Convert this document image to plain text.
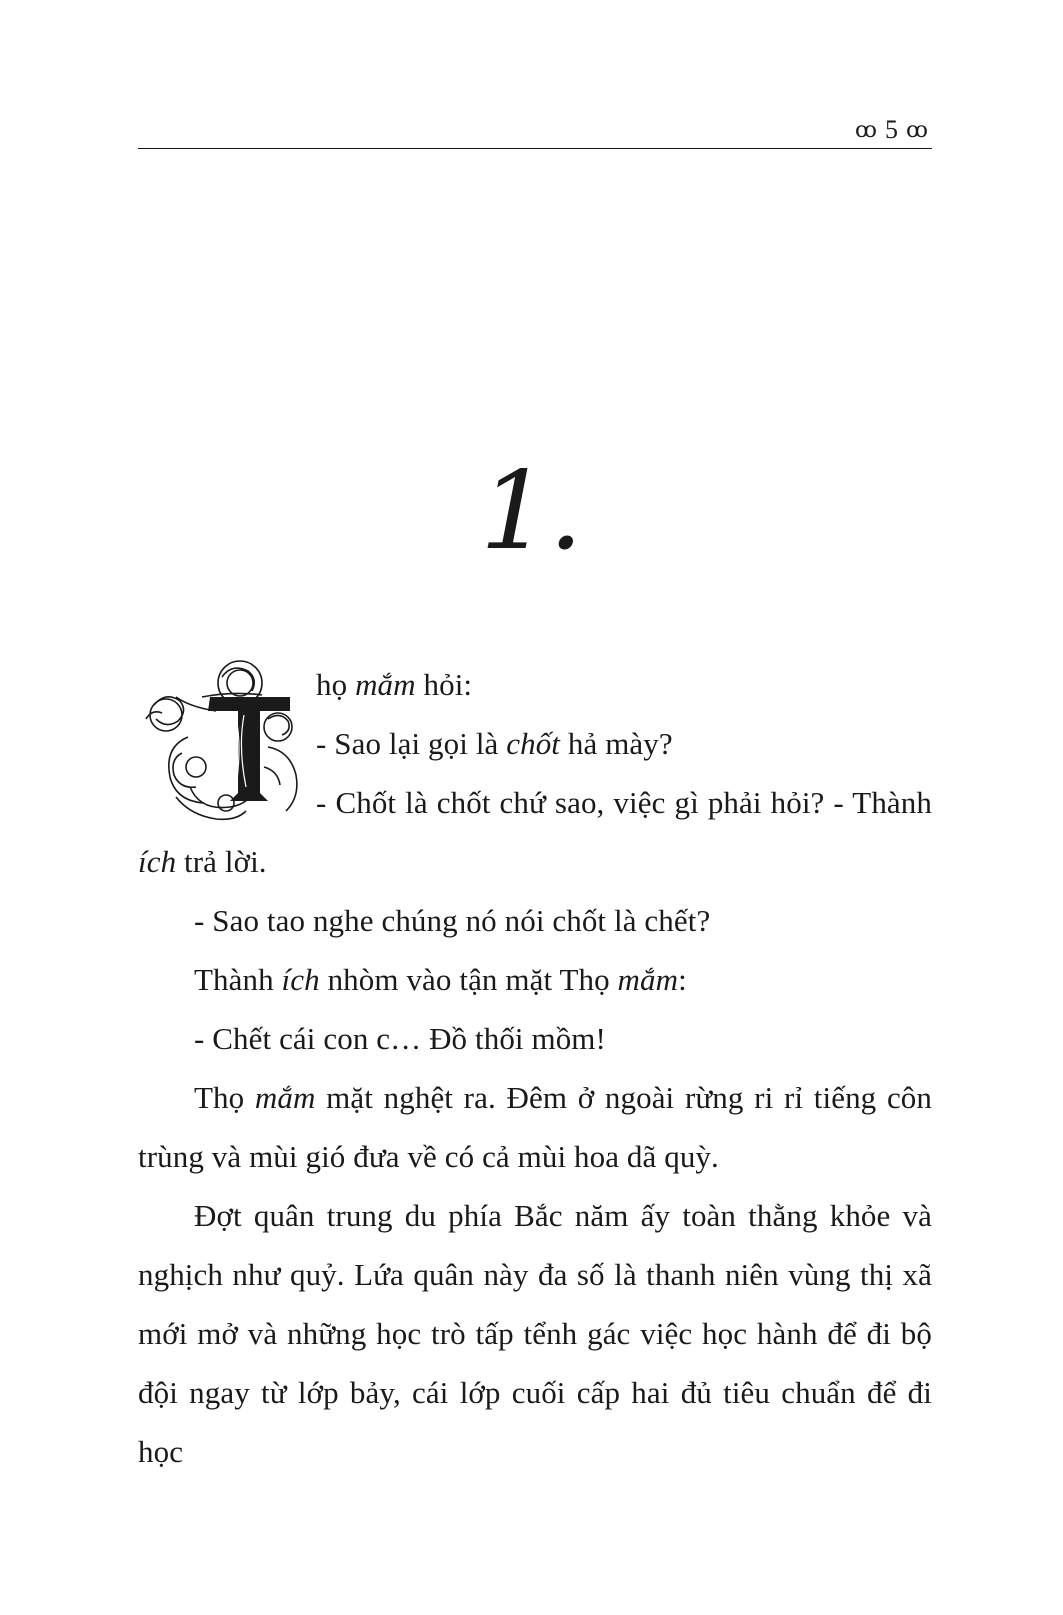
ꝏ 5 ꝏ
1.

họ mắm hỏi:

- Sao lại gọi là chốt hả mày?

- Chốt là chốt chứ sao, việc gì phải hỏi? - Thành ích trả lời.

- Sao tao nghe chúng nó nói chốt là chết?

Thành ích nhòm vào tận mặt Thọ mắm:

- Chết cái con c… Đồ thối mồm!

Thọ mắm mặt nghệt ra. Đêm ở ngoài rừng ri rỉ tiếng côn trùng và mùi gió đưa về có cả mùi hoa dã quỳ.

Đợt quân trung du phía Bắc năm ấy toàn thằng khỏe và nghịch như quỷ. Lứa quân này đa số là thanh niên vùng thị xã mới mở và những học trò tấp tểnh gác việc học hành để đi bộ đội ngay từ lớp bảy, cái lớp cuối cấp hai đủ tiêu chuẩn để đi học
